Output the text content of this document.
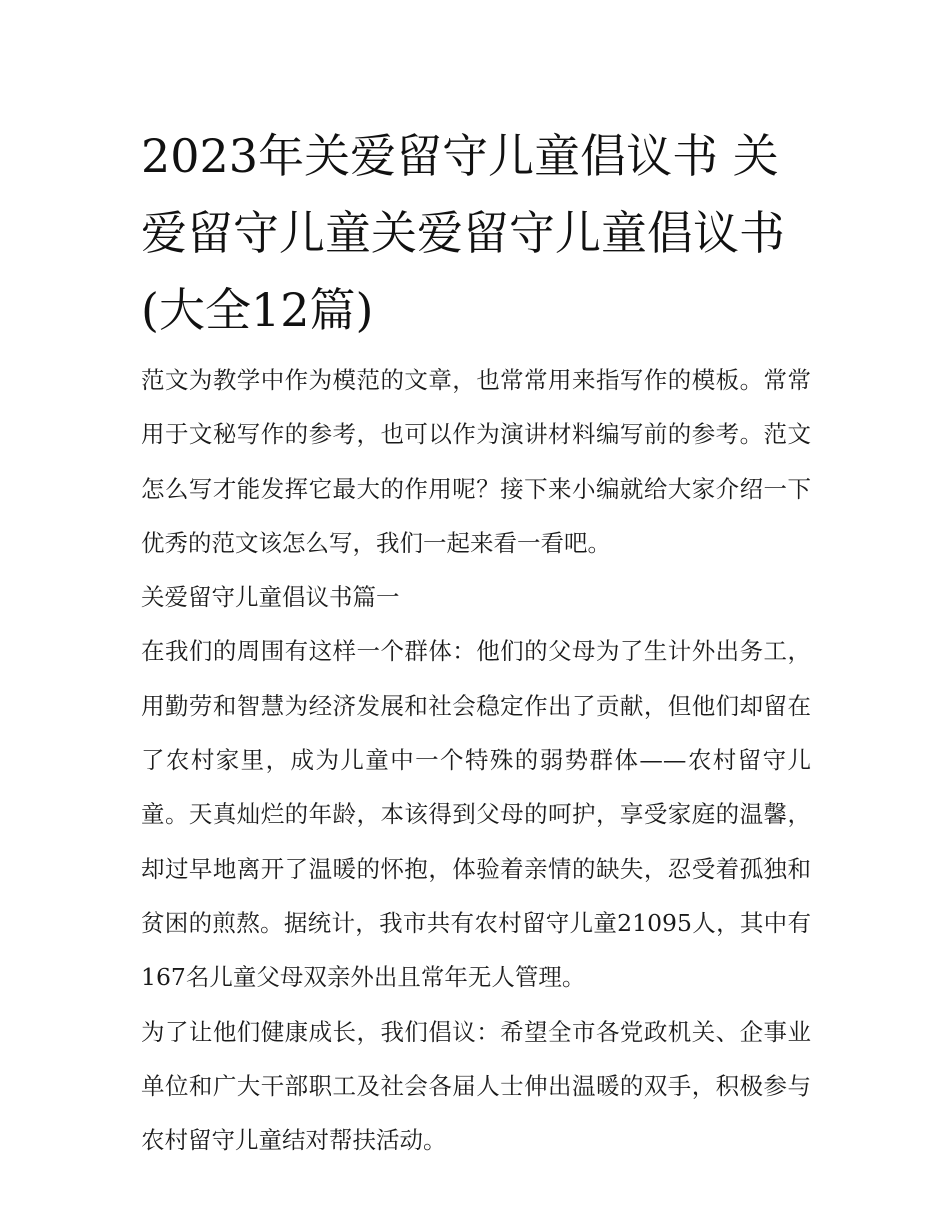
2023年关爱留守儿童倡议书 关爱留守儿童关爱留守儿童倡议书(大全12篇)

范文为教学中作为模范的文章，也常常用来指写作的模板。常常用于文秘写作的参考，也可以作为演讲材料编写前的参考。范文怎么写才能发挥它最大的作用呢？接下来小编就给大家介绍一下优秀的范文该怎么写，我们一起来看一看吧。

关爱留守儿童倡议书篇一

在我们的周围有这样一个群体：他们的父母为了生计外出务工，用勤劳和智慧为经济发展和社会稳定作出了贡献，但他们却留在了农村家里，成为儿童中一个特殊的弱势群体——农村留守儿童。天真灿烂的年龄，本该得到父母的呵护，享受家庭的温馨，却过早地离开了温暖的怀抱，体验着亲情的缺失，忍受着孤独和贫困的煎熬。据统计，我市共有农村留守儿童21095人，其中有167名儿童父母双亲外出且常年无人管理。

为了让他们健康成长，我们倡议：希望全市各党政机关、企事业单位和广大干部职工及社会各届人士伸出温暖的双手，积极参与农村留守儿童结对帮扶活动。
